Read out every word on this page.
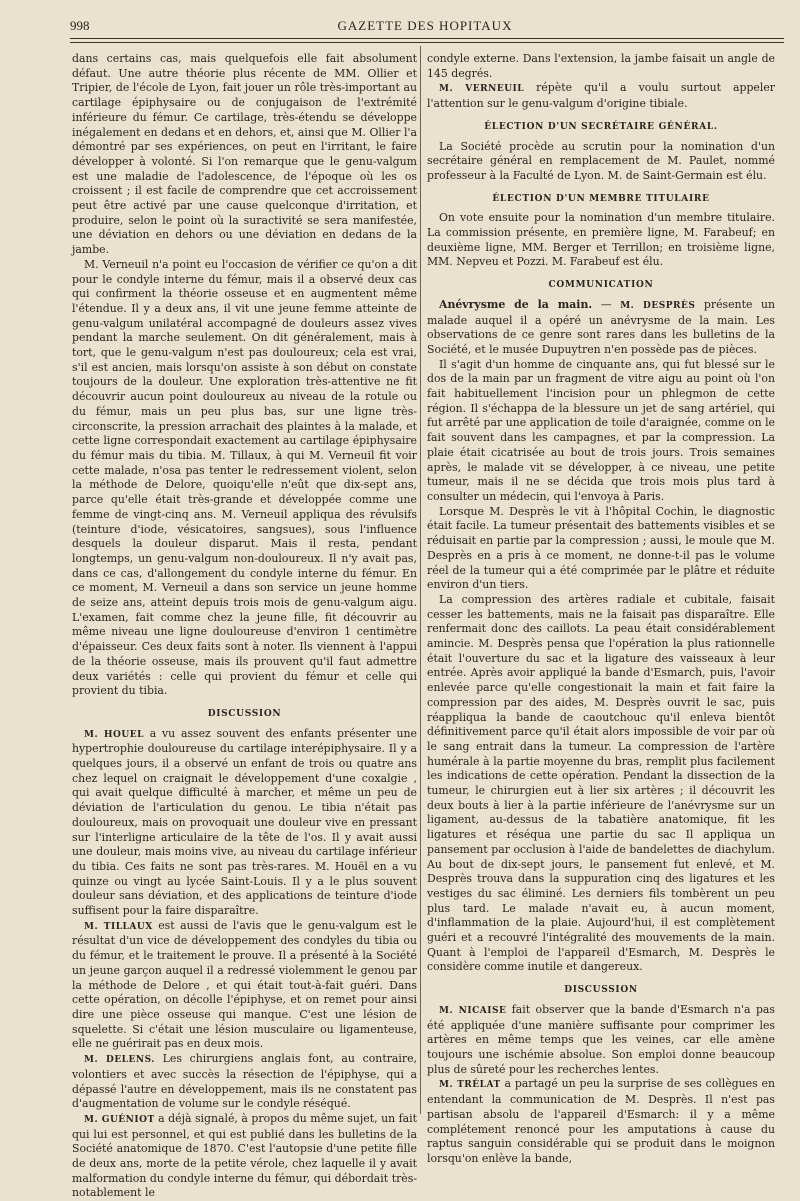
998	GAZETTE DES HOPITAUX

dans certains cas, mais quelquefois elle fait absolument défaut. Une autre théorie plus récente de MM. Ollier et Tripier, de l'école de Lyon, fait jouer un rôle très-important au cartilage épiphysaire ou de conjugaison de l'extrémité inférieure du fémur. Ce cartilage, très-étendu se développe inégalement en dedans et en dehors, et, ainsi que M. Ollier l'a démontré par ses expériences, on peut en l'irritant, le faire développer à volonté. Si l'on remarque que le genu-valgum est une maladie de l'adolescence, de l'époque où les os croissent ; il est facile de comprendre que cet accroissement peut être activé par une cause quelconque d'irritation, et produire, selon le point où la suractivité se sera manifestée, une déviation en dehors ou une déviation en dedans de la jambe.

M. Verneuil n'a point eu l'occasion de vérifier ce qu'on a dit pour le condyle interne du fémur, mais il a observé deux cas qui confirment la théorie osseuse et en augmentent même l'étendue. Il y a deux ans, il vit une jeune femme atteinte de genu-valgum unilatéral accompagné de douleurs assez vives pendant la marche seulement. On dit généralement, mais à tort, que le genu-valgum n'est pas douloureux; cela est vrai, s'il est ancien, mais lorsqu'on assiste à son début on constate toujours de la douleur. Une exploration très-attentive ne fit découvrir aucun point douloureux au niveau de la rotule ou du fémur, mais un peu plus bas, sur une ligne très-circonscrite, la pression arrachait des plaintes à la malade, et cette ligne correspondait exactement au cartilage épiphysaire du fémur mais du tibia. M. Tillaux, à qui M. Verneuil fit voir cette malade, n'osa pas tenter le redressement violent, selon la méthode de Delore, quoiqu'elle n'eût que dix-sept ans, parce qu'elle était très-grande et développée comme une femme de vingt-cinq ans. M. Verneuil appliqua des révulsifs (teinture d'iode, vésicatoires, sangsues), sous l'influence desquels la douleur disparut. Mais il resta, pendant longtemps, un genu-valgum non-douloureux. Il n'y avait pas, dans ce cas, d'allongement du condyle interne du fémur. En ce moment, M. Verneuil a dans son service un jeune homme de seize ans, atteint depuis trois mois de genu-valgum aigu. L'examen, fait comme chez la jeune fille, fit découvrir au même niveau une ligne douloureuse d'environ 1 centimètre d'épaisseur. Ces deux faits sont à noter. Ils viennent à l'appui de la théorie osseuse, mais ils prouvent qu'il faut admettre deux variétés : celle qui provient du fémur et celle qui provient du tibia.

DISCUSSION

M. HOUEL a vu assez souvent des enfants présenter une hypertrophie douloureuse du cartilage interépiphysaire. Il y a quelques jours, il a observé un enfant de trois ou quatre ans chez lequel on craignait le développement d'une coxalgie , qui avait quelque difficulté à marcher, et même un peu de déviation de l'articulation du genou. Le tibia n'était pas douloureux, mais on provoquait une douleur vive en pressant sur l'interligne articulaire de la tête de l'os. Il y avait aussi une douleur, mais moins vive, au niveau du cartilage inférieur du tibia. Ces faits ne sont pas très-rares. M. Houël en a vu quinze ou vingt au lycée Saint-Louis. Il y a le plus souvent douleur sans déviation, et des applications de teinture d'iode suffisent pour la faire disparaître.

M. TILLAUX est aussi de l'avis que le genu-valgum est le résultat d'un vice de développement des condyles du tibia ou du fémur, et le traitement le prouve. Il a présenté à la Société un jeune garçon auquel il a redressé violemment le genou par la méthode de Delore , et qui était tout-à-fait guéri. Dans cette opération, on décolle l'épiphyse, et on remet pour ainsi dire une pièce osseuse qui manque. C'est une lésion de squelette. Si c'était une lésion musculaire ou ligamenteuse, elle ne guérirait pas en deux mois.

M. DELENS. Les chirurgiens anglais font, au contraire, volontiers et avec succès la résection de l'épiphyse, qui a dépassé l'autre en développement, mais ils ne constatent pas d'augmentation de volume sur le condyle réséqué.

M. GUÉNIOT a déjà signalé, à propos du même sujet, un fait qui lui est personnel, et qui est publié dans les bulletins de la Société anatomique de 1870. C'est l'autopsie d'une petite fille de deux ans, morte de la petite vérole, chez laquelle il y avait malformation du condyle interne du fémur, qui débordait très-notablement le

condyle externe. Dans l'extension, la jambe faisait un angle de 145 degrés.

M. VERNEUIL répète qu'il a voulu surtout appeler l'attention sur le genu-valgum d'origine tibiale.

ÉLECTION D'UN SECRÉTAIRE GÉNÉRAL.

La Société procède au scrutin pour la nomination d'un secrétaire général en remplacement de M. Paulet, nommé professeur à la Faculté de Lyon. M. de Saint-Germain est élu.

ÉLECTION D'UN MEMBRE TITULAIRE

On vote ensuite pour la nomination d'un membre titulaire. La commission présente, en première ligne, M. Farabeuf; en deuxième ligne, MM. Berger et Terrillon; en troisième ligne, MM. Nepveu et Pozzi. M. Farabeuf est élu.

COMMUNICATION

Anévrysme de la main. — M. DESPRÈS présente un malade auquel il a opéré un anévrysme de la main. Les observations de ce genre sont rares dans les bulletins de la Société, et le musée Dupuytren n'en possède pas de pièces.

Il s'agit d'un homme de cinquante ans, qui fut blessé sur le dos de la main par un fragment de vitre aigu au point où l'on fait habituellement l'incision pour un phlegmon de cette région. Il s'échappa de la blessure un jet de sang artériel, qui fut arrêté par une application de toile d'araignée, comme on le fait souvent dans les campagnes, et par la compression. La plaie était cicatrisée au bout de trois jours. Trois semaines après, le malade vit se développer, à ce niveau, une petite tumeur, mais il ne se décida que trois mois plus tard à consulter un médecin, qui l'envoya à Paris.

Lorsque M. Desprès le vit à l'hôpital Cochin, le diagnostic était facile. La tumeur présentait des battements visibles et se réduisait en partie par la compression ; aussi, le moule que M. Desprès en a pris à ce moment, ne donne-t-il pas le volume réel de la tumeur qui a été comprimée par le plâtre et réduite environ d'un tiers.

La compression des artères radiale et cubitale, faisait cesser les battements, mais ne la faisait pas disparaître. Elle renfermait donc des caillots. La peau était considérablement amincie. M. Desprès pensa que l'opération la plus rationnelle était l'ouverture du sac et la ligature des vaisseaux à leur entrée. Après avoir appliqué la bande d'Esmarch, puis, l'avoir enlevée parce qu'elle congestionait la main et fait faire la compression par des aides, M. Desprès ouvrit le sac, puis réappliqua la bande de caoutchouc qu'il enleva bientôt définitivement parce qu'il était alors impossible de voir par où le sang entrait dans la tumeur. La compression de l'artère humérale à la partie moyenne du bras, remplit plus facilement les indications de cette opération. Pendant la dissection de la tumeur, le chirurgien eut à lier six artères ; il découvrit les deux bouts à lier à la partie inférieure de l'anévrysme sur un ligament, au-dessus de la tabatière anatomique, fit les ligatures et réséqua une partie du sac Il appliqua un pansement par occlusion à l'aide de bandelettes de diachylum. Au bout de dix-sept jours, le pansement fut enlevé, et M. Desprès trouva dans la suppuration cinq des ligatures et les vestiges du sac éliminé. Les derniers fils tombèrent un peu plus tard. Le malade n'avait eu, à aucun moment, d'inflammation de la plaie. Aujourd'hui, il est complètement guéri et a recouvré l'intégralité des mouvements de la main. Quant à l'emploi de l'appareil d'Esmarch, M. Desprès le considère comme inutile et dangereux.

DISCUSSION

M. NICAISE fait observer que la bande d'Esmarch n'a pas été appliquée d'une manière suffisante pour comprimer les artères en même temps que les veines, car elle amène toujours une ischémie absolue. Son emploi donne beaucoup plus de sûreté pour les recherches lentes.

M. TRÉLAT a partagé un peu la surprise de ses collègues en entendant la communication de M. Desprès. Il n'est pas partisan absolu de l'appareil d'Esmarch: il y a même complétement renoncé pour les amputations à cause du raptus sanguin considérable qui se produit dans le moignon lorsqu'on enlève la bande,
